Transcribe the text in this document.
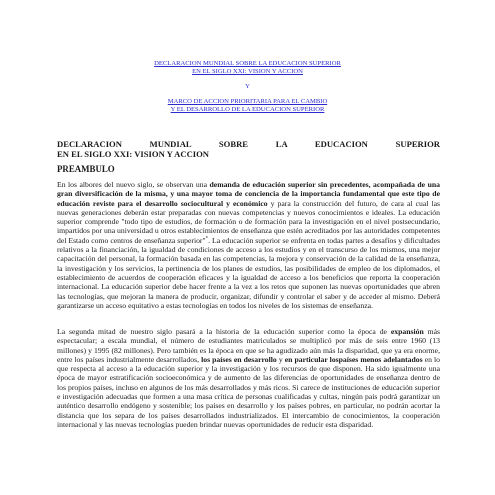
DECLARACION MUNDIAL SOBRE LA EDUCACION SUPERIOR
EN EL SIGLO XXI: VISION Y ACCION
Y
MARCO DE ACCION PRIORITARIA PARA EL CAMBIO
Y EL DESARROLLO DE LA EDUCACION SUPERIOR
DECLARACION MUNDIAL SOBRE LA EDUCACION SUPERIOR
EN EL SIGLO XXI: VISION Y ACCION
PREAMBULO

En los albores del nuevo siglo, se observan una demanda de educación superior sin precedentes, acompañada de una gran diversificación de la misma, y una mayor toma de conciencia de la importancia fundamental que este tipo de educación reviste para el desarrollo sociocultural y económico y para la construcción del futuro, de cara al cual las nuevas generaciones deberán estar preparadas con nuevas competencias y nuevos conocimientos e ideales. La educación superior comprende "todo tipo de estudios, de formación o de formación para la investigación en el nivel postsecundario, impartidos por una universidad u otros establecimientos de enseñanza que estén acreditados por las autoridades competentes del Estado como centros de enseñanza superior"*. La educación superior se enfrenta en todas partes a desafíos y dificultades relativos a la financiación, la igualdad de condiciones de acceso a los estudios y en el transcurso de los mismos, una mejor capacitación del personal, la formación basada en las competencias, la mejora y conservación de la calidad de la enseñanza, la investigación y los servicios, la pertinencia de los planes de estudios, las posibilidades de empleo de los diplomados, el establecimiento de acuerdos de cooperación eficaces y la igualdad de acceso a los beneficios que reporta la cooperación internacional. La educación superior debe hacer frente a la vez a los retos que suponen las nuevas oportunidades que abren las tecnologías, que mejoran la manera de producir, organizar, difundir y controlar el saber y de acceder al mismo. Deberá garantizarse un acceso equitativo a estas tecnologías en todos los niveles de los sistemas de enseñanza.

La segunda mitad de nuestro siglo pasará a la historia de la educación superior como la época de expansión más espectacular; a escala mundial, el número de estudiantes matriculados se multiplicó por más de seis entre 1960 (13 millones) y 1995 (82 millones). Pero también es la época en que se ha agudizado aún más la disparidad, que ya era enorme, entre los países industrialmente desarrollados, los países en desarrollo y en particular lospaíses menos adelantados en lo que respecta al acceso a la educación superior y la investigación y los recursos de que disponen. Ha sido igualmente una época de mayor estratificación socioeconómica y de aumento de las diferencias de oportunidades de enseñanza dentro de los propios países, incluso en algunos de los más desarrollados y más ricos. Si carece de instituciones de educación superior e investigación adecuadas que formen a una masa crítica de personas cualificadas y cultas, ningún país podrá garantizar un auténtico desarrollo endógeno y sostenible; los países en desarrollo y los países pobres, en particular, no podrán acortar la distancia que los separa de los países desarrollados industrializados. El intercambio de conocimientos, la cooperación internacional y las nuevas tecnologías pueden brindar nuevas oportunidades de reducir esta disparidad.
